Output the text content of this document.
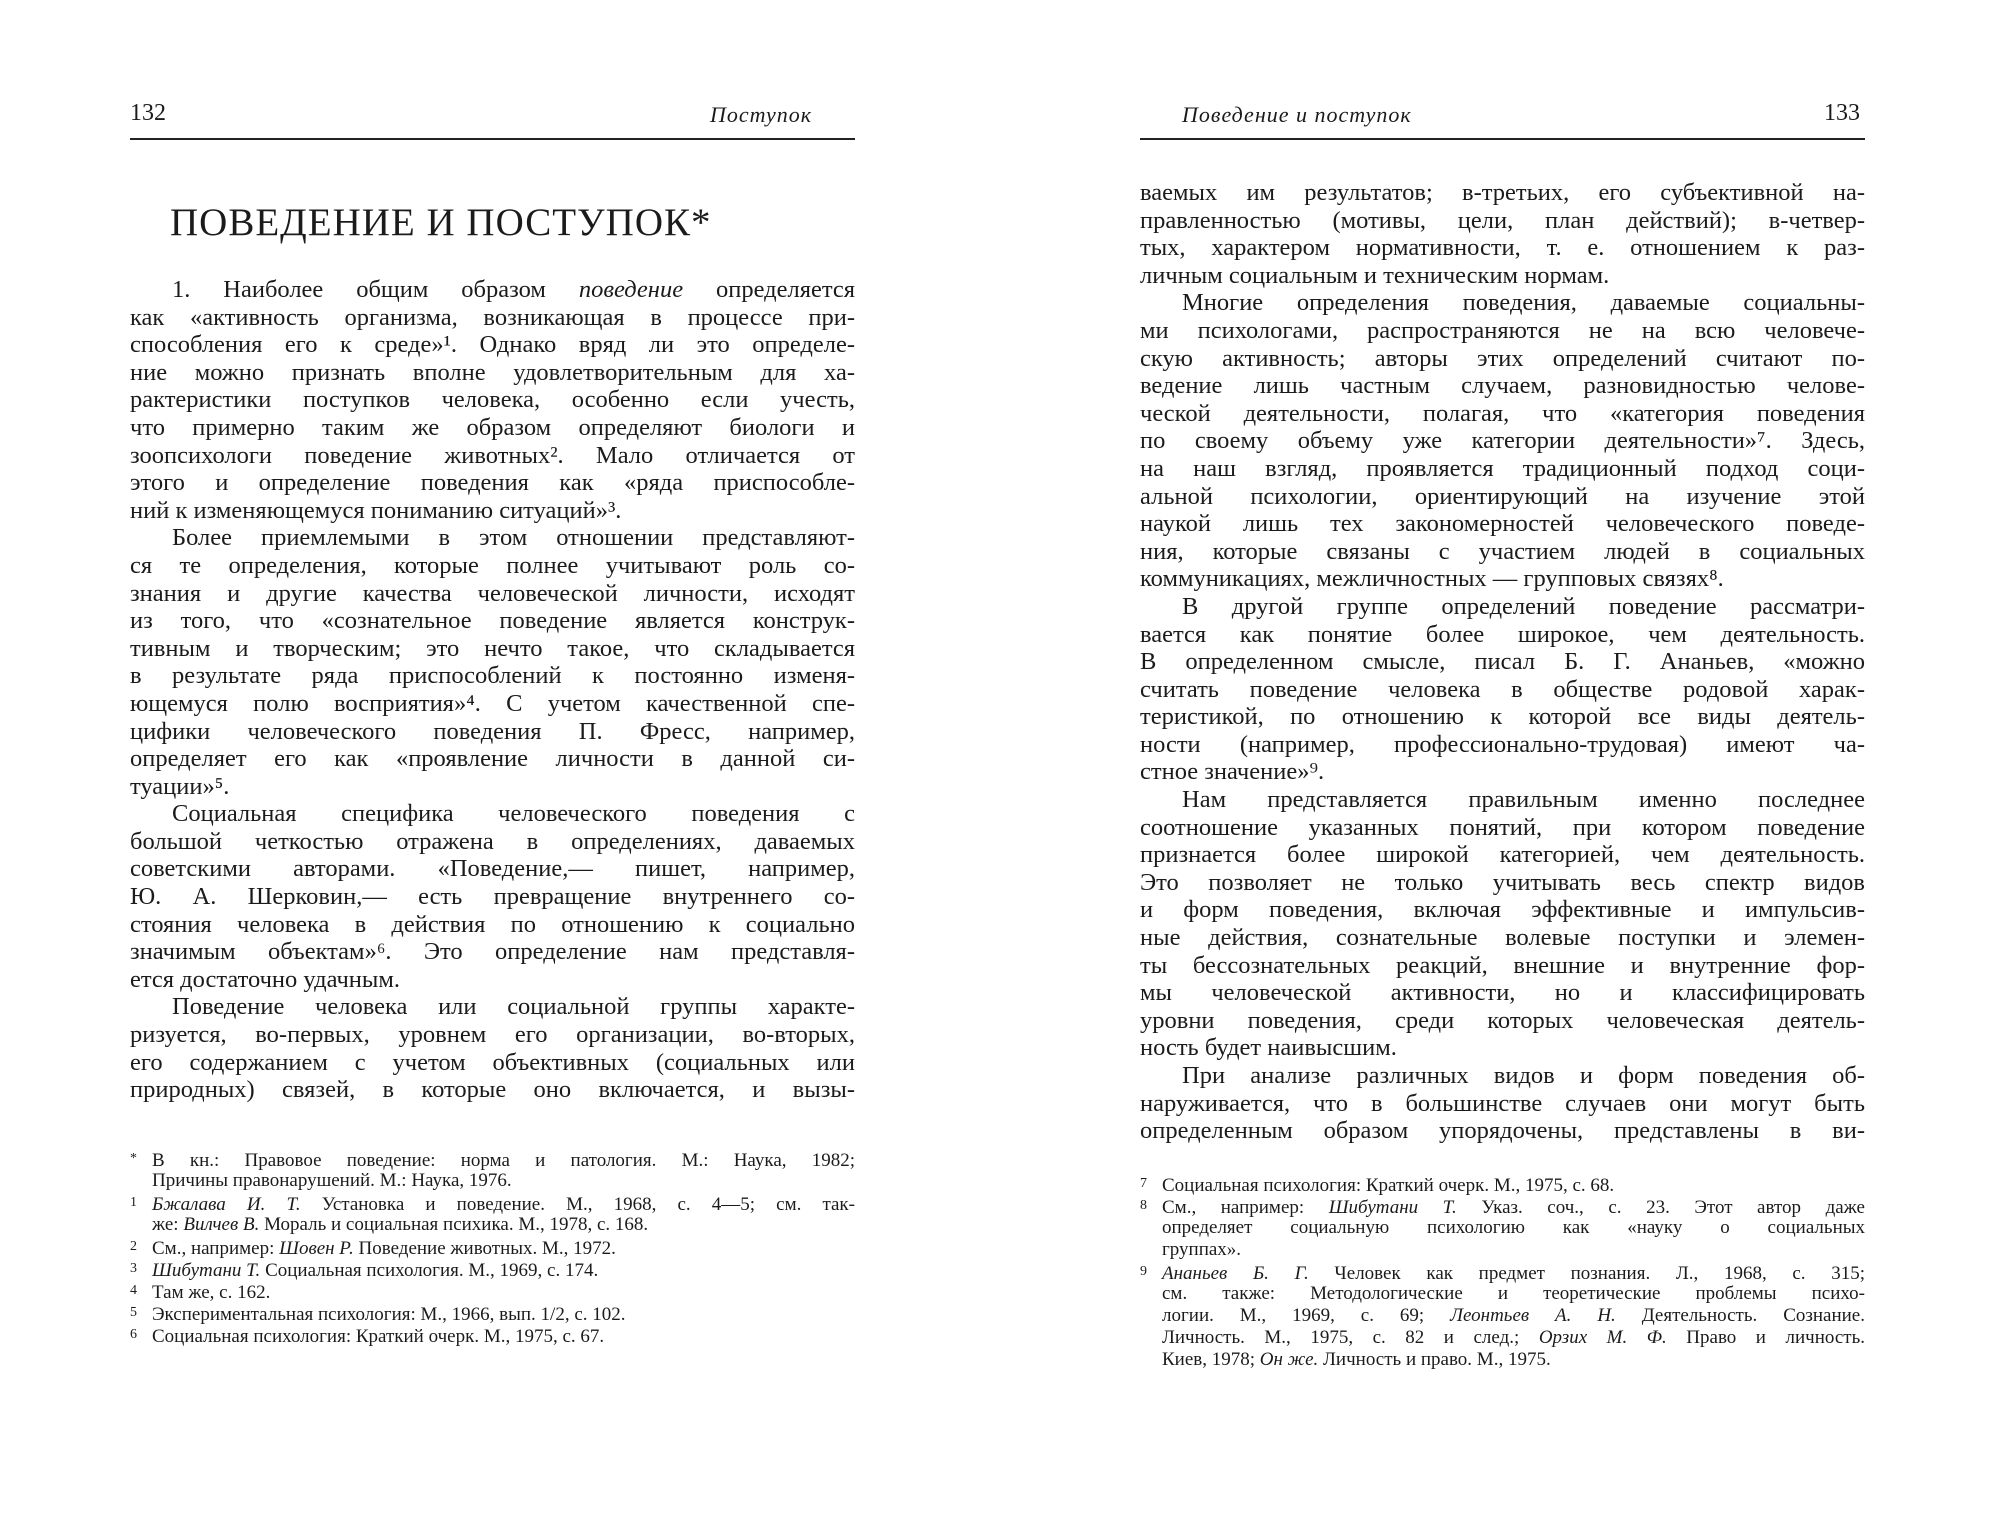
132	Поступок
ПОВЕДЕНИЕ И ПОСТУПОК*
1. Наиболее общим образом поведение определяется
как «активность организма, возникающая в процессе при-
способления его к среде»¹. Однако вряд ли это определе-
ние можно признать вполне удовлетворительным для ха-
рактеристики поступков человека, особенно если учесть,
что примерно таким же образом определяют биологи и
зоопсихологи поведение животных². Мало отличается от
этого и определение поведения как «ряда приспособле-
ний к изменяющемуся пониманию ситуаций»³.
Более приемлемыми в этом отношении представляют-
ся те определения, которые полнее учитывают роль со-
знания и другие качества человеческой личности, исходят
из того, что «сознательное поведение является конструк-
тивным и творческим; это нечто такое, что складывается
в результате ряда приспособлений к постоянно изменя-
ющемуся полю восприятия»⁴. С учетом качественной спе-
цифики человеческого поведения П. Фресс, например,
определяет его как «проявление личности в данной си-
туации»⁵.
Социальная специфика человеческого поведения с
большой четкостью отражена в определениях, даваемых
советскими авторами. «Поведение,— пишет, например,
Ю. А. Шерковин,— есть превращение внутреннего со-
стояния человека в действия по отношению к социально
значимым объектам»⁶. Это определение нам представля-
ется достаточно удачным.
Поведение человека или социальной группы характе-
ризуется, во-первых, уровнем его организации, во-вторых,
его содержанием с учетом объективных (социальных или
природных) связей, в которые оно включается, и вызы-
* В кн.: Правовое поведение: норма и патология. М.: Наука, 1982;
Причины правонарушений. М.: Наука, 1976.
1 Бжалава И. Т. Установка и поведение. М., 1968, с. 4—5; см. так-
же: Вилчев В. Мораль и социальная психика. М., 1978, с. 168.
2 См., например: Шовен Р. Поведение животных. М., 1972.
3 Шибутани Т. Социальная психология. М., 1969, с. 174.
4 Там же, с. 162.
5 Экспериментальная психология: М., 1966, вып. 1/2, с. 102.
6 Социальная психология: Краткий очерк. М., 1975, с. 67.
Поведение и поступок	133
ваемых им результатов; в-третьих, его субъективной на-
правленностью (мотивы, цели, план действий); в-четвер-
тых, характером нормативности, т. е. отношением к раз-
личным социальным и техническим нормам.
Многие определения поведения, даваемые социальны-
ми психологами, распространяются не на всю человече-
скую активность; авторы этих определений считают по-
ведение лишь частным случаем, разновидностью челове-
ческой деятельности, полагая, что «категория поведения
по своему объему уже категории деятельности»⁷. Здесь,
на наш взгляд, проявляется традиционный подход соци-
альной психологии, ориентирующий на изучение этой
наукой лишь тех закономерностей человеческого поведе-
ния, которые связаны с участием людей в социальных
коммуникациях, межличностных — групповых связях⁸.
В другой группе определений поведение рассматри-
вается как понятие более широкое, чем деятельность.
В определенном смысле, писал Б. Г. Ананьев, «можно
считать поведение человека в обществе родовой харак-
теристикой, по отношению к которой все виды деятель-
ности (например, профессионально-трудовая) имеют ча-
стное значение»⁹.
Нам представляется правильным именно последнее
соотношение указанных понятий, при котором поведение
признается более широкой категорией, чем деятельность.
Это позволяет не только учитывать весь спектр видов
и форм поведения, включая эффективные и импульсив-
ные действия, сознательные волевые поступки и элемен-
ты бессознательных реакций, внешние и внутренние фор-
мы человеческой активности, но и классифицировать
уровни поведения, среди которых человеческая деятель-
ность будет наивысшим.
При анализе различных видов и форм поведения об-
наруживается, что в большинстве случаев они могут быть
определенным образом упорядочены, представлены в ви-
7 Социальная психология: Краткий очерк. М., 1975, с. 68.
8 См., например: Шибутани Т. Указ. соч., с. 23. Этот автор даже
определяет социальную психологию как «науку о социальных
группах».
9 Ананьев Б. Г. Человек как предмет познания. Л., 1968, с. 315;
см. также: Методологические и теоретические проблемы психо-
логии. М., 1969, с. 69; Леонтьев А. Н. Деятельность. Сознание.
Личность. М., 1975, с. 82 и след.; Орзих М. Ф. Право и личность.
Киев, 1978; Он же. Личность и право. М., 1975.
